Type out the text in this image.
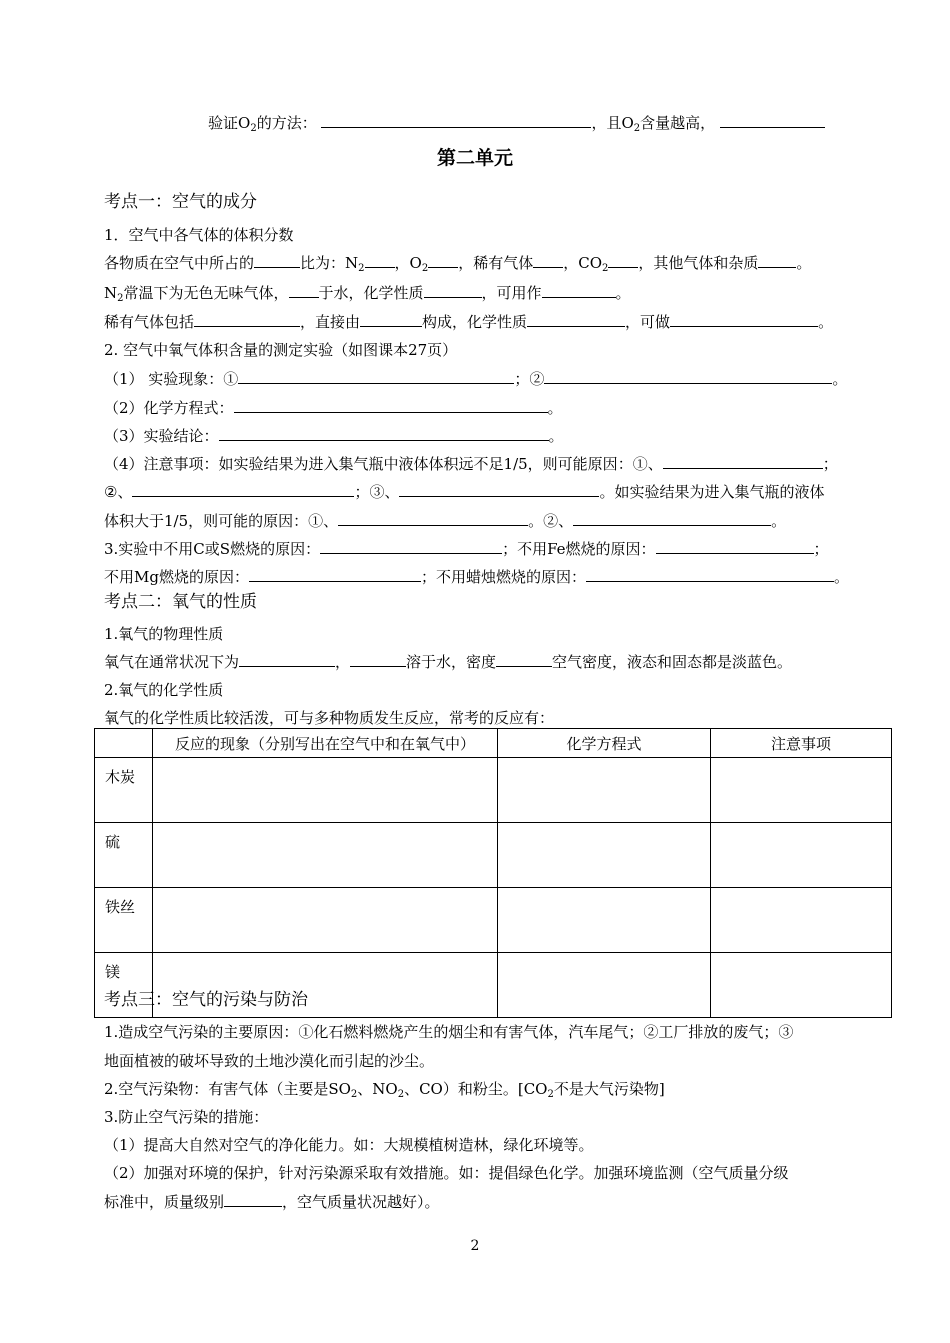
验证$O_2$的方法：	，且$O_2$含量越高，
第二单元
考点一：空气的成分
1．空气中各气体的体积分数
各物质在空气中所占的	比为：$N_2$ ，$O_2$ ，稀有气体 ，$CO_2$ ，其他气体和杂质	。
$N_2$常温下为无色无味气体， 于水，化学性质	，可用作	。
稀有气体包括	，直接由	构成，化学性质	，可做	。
2. 空气中氧气体积含量的测定实验（如图课本27页）
（1） 实验现象：①	；②	。
（2）化学方程式：	。
（3）实验结论：	。
（4）注意事项：如实验结果为进入集气瓶中液体体积远不足1/5，则可能原因：①、	；
②、	；③、	。如实验结果为进入集气瓶的液体
体积大于1/5，则可能的原因：①、	。②、	。
3.实验中不用C或S燃烧的原因：	；不用Fe燃烧的原因：	；
不用Mg燃烧的原因：	；不用蜡烛燃烧的原因：	。
考点二：氧气的性质
1.氧气的物理性质
氧气在通常状况下为	，	溶于水，密度	空气密度，液态和固态都是淡蓝色。
2.氧气的化学性质
氧气的化学性质比较活泼，可与多种物质发生反应，常考的反应有：
	反应的现象（分别写出在空气中和在氧气中）	化学方程式	注意事项
木炭			
硫			
铁丝			
镁			
考点三：空气的污染与防治
1.造成空气污染的主要原因：①化石燃料燃烧产生的烟尘和有害气体，汽车尾气；②工厂排放的废气；③
地面植被的破坏导致的土地沙漠化而引起的沙尘。
2.空气污染物：有害气体（主要是$SO_2$、$NO_2$、CO）和粉尘。[$CO_2$不是大气污染物]
3.防止空气污染的措施：
（1）提高大自然对空气的净化能力。如：大规模植树造林，绿化环境等。
（2）加强对环境的保护，针对污染源采取有效措施。如：提倡绿色化学。加强环境监测（空气质量分级
标准中，质量级别	，空气质量状况越好）。
2
